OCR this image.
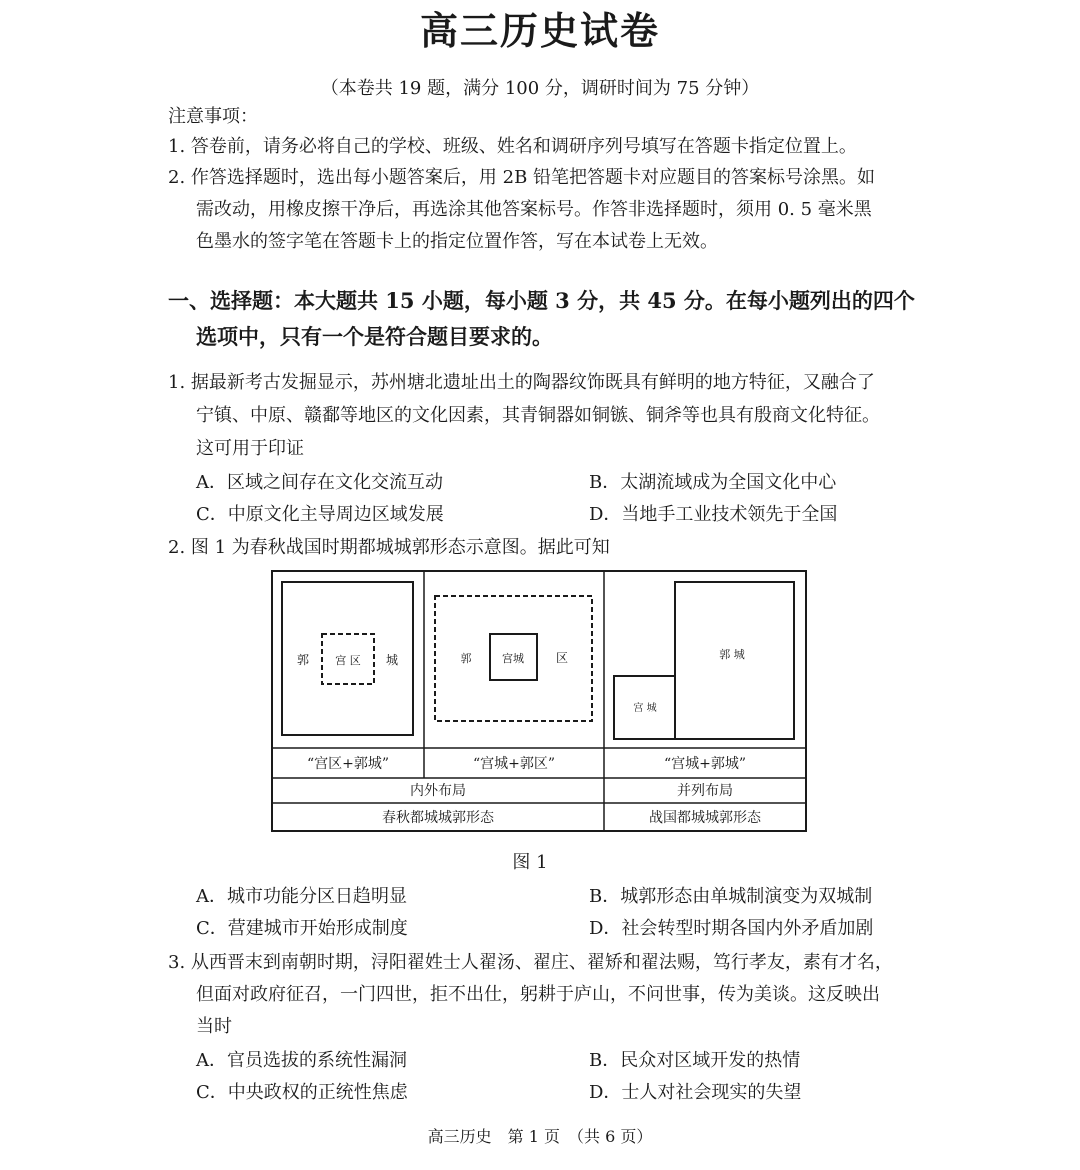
高三历史试卷
（本卷共 19 题，满分 100 分，调研时间为 75 分钟）
注意事项：
1. 答卷前，请务必将自己的学校、班级、姓名和调研序列号填写在答题卡指定位置上。
2. 作答选择题时，选出每小题答案后，用 2B 铅笔把答题卡对应题目的答案标号涂黑。如
需改动，用橡皮擦干净后，再选涂其他答案标号。作答非选择题时，须用 0. 5 毫米黑
色墨水的签字笔在答题卡上的指定位置作答，写在本试卷上无效。
一、选择题：本大题共 15 小题，每小题 3 分，共 45 分。在每小题列出的四个
选项中，只有一个是符合题目要求的。
1. 据最新考古发掘显示，苏州塘北遗址出土的陶器纹饰既具有鲜明的地方特征，又融合了
宁镇、中原、赣鄱等地区的文化因素，其青铜器如铜镞、铜斧等也具有殷商文化特征。
这可用于印证
A．区域之间存在文化交流互动	B．太湖流域成为全国文化中心
C．中原文化主导周边区域发展	D．当地手工业技术领先于全国
2. 图 1 为春秋战国时期都城城郭形态示意图。据此可知
郭 宫 区 城	郭	宫城	区	郭 城
宫 城
“宫区+郭城”	“宫城+郭区”	“宫城+郭城”
内外布局	并列布局
春秋都城城郭形态	战国都城城郭形态
图 1
A．城市功能分区日趋明显	B．城郭形态由单城制演变为双城制
C．营建城市开始形成制度	D．社会转型时期各国内外矛盾加剧
3. 从西晋末到南朝时期，浔阳翟姓士人翟汤、翟庄、翟矫和翟法赐，笃行孝友，素有才名，
但面对政府征召，一门四世，拒不出仕，躬耕于庐山，不问世事，传为美谈。这反映出
当时
A．官员选拔的系统性漏洞	B．民众对区域开发的热情
C．中央政权的正统性焦虑	D．士人对社会现实的失望
高三历史　第 1 页　（共 6 页）
